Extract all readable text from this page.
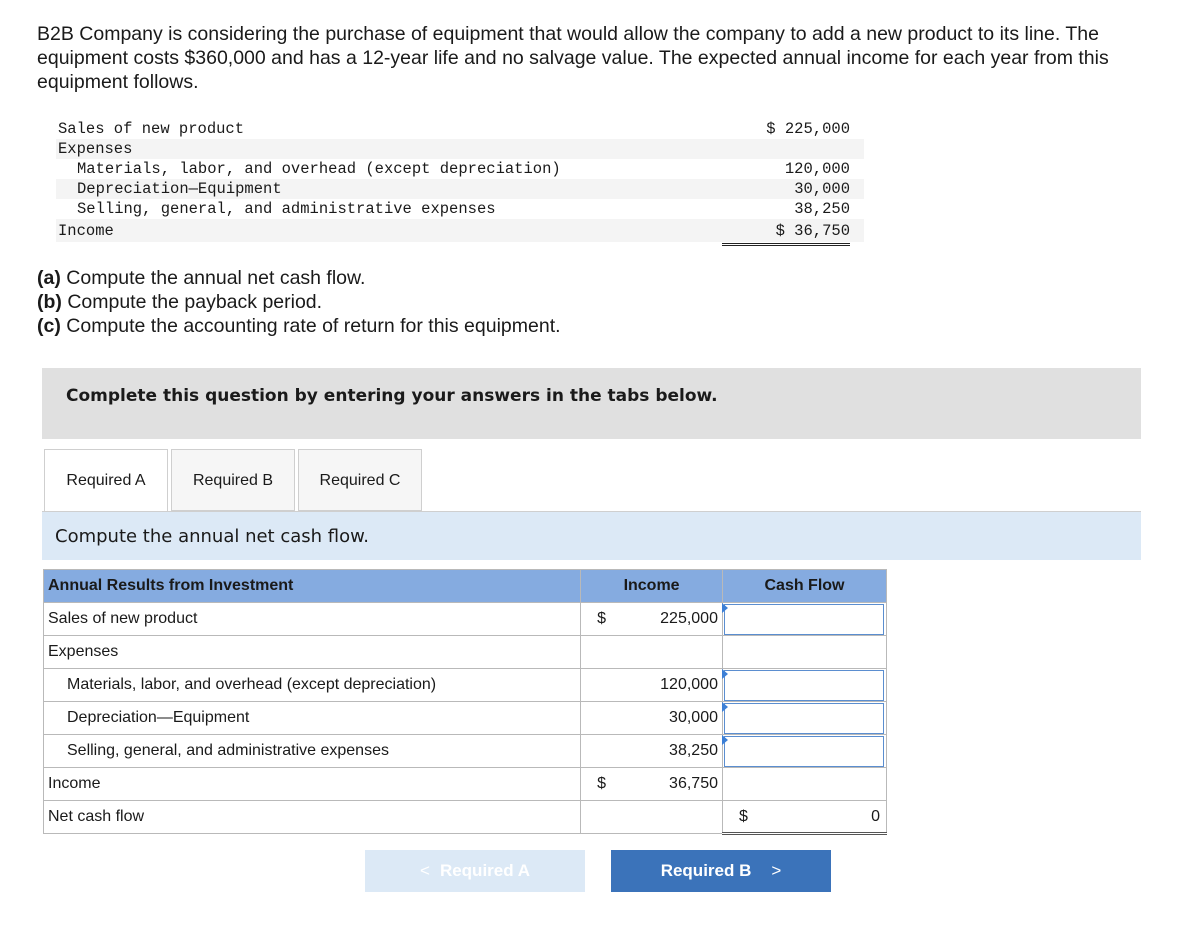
B2B Company is considering the purchase of equipment that would allow the company to add a new product to its line. The equipment costs $360,000 and has a 12-year life and no salvage value. The expected annual income for each year from this equipment follows.

Sales of new product	$ 225,000
Expenses
Materials, labor, and overhead (except depreciation)	120,000
Depreciation—Equipment	30,000
Selling, general, and administrative expenses	38,250
Income	$ 36,750
(a) Compute the annual net cash flow.
(b) Compute the payback period.
(c) Compute the accounting rate of return for this equipment.
Complete this question by entering your answers in the tabs below.
Required A	Required B	Required C
Compute the annual net cash flow.
Annual Results from Investment	Income	Cash Flow
Sales of new product	$ 225,000	

Expenses		
Materials, labor, and overhead (except depreciation)	120,000	

Depreciation—Equipment	30,000	

Selling, general, and administrative expenses	38,250	

Income	$ 36,750	
Net cash flow		$ 0
< Required A	Required B >
